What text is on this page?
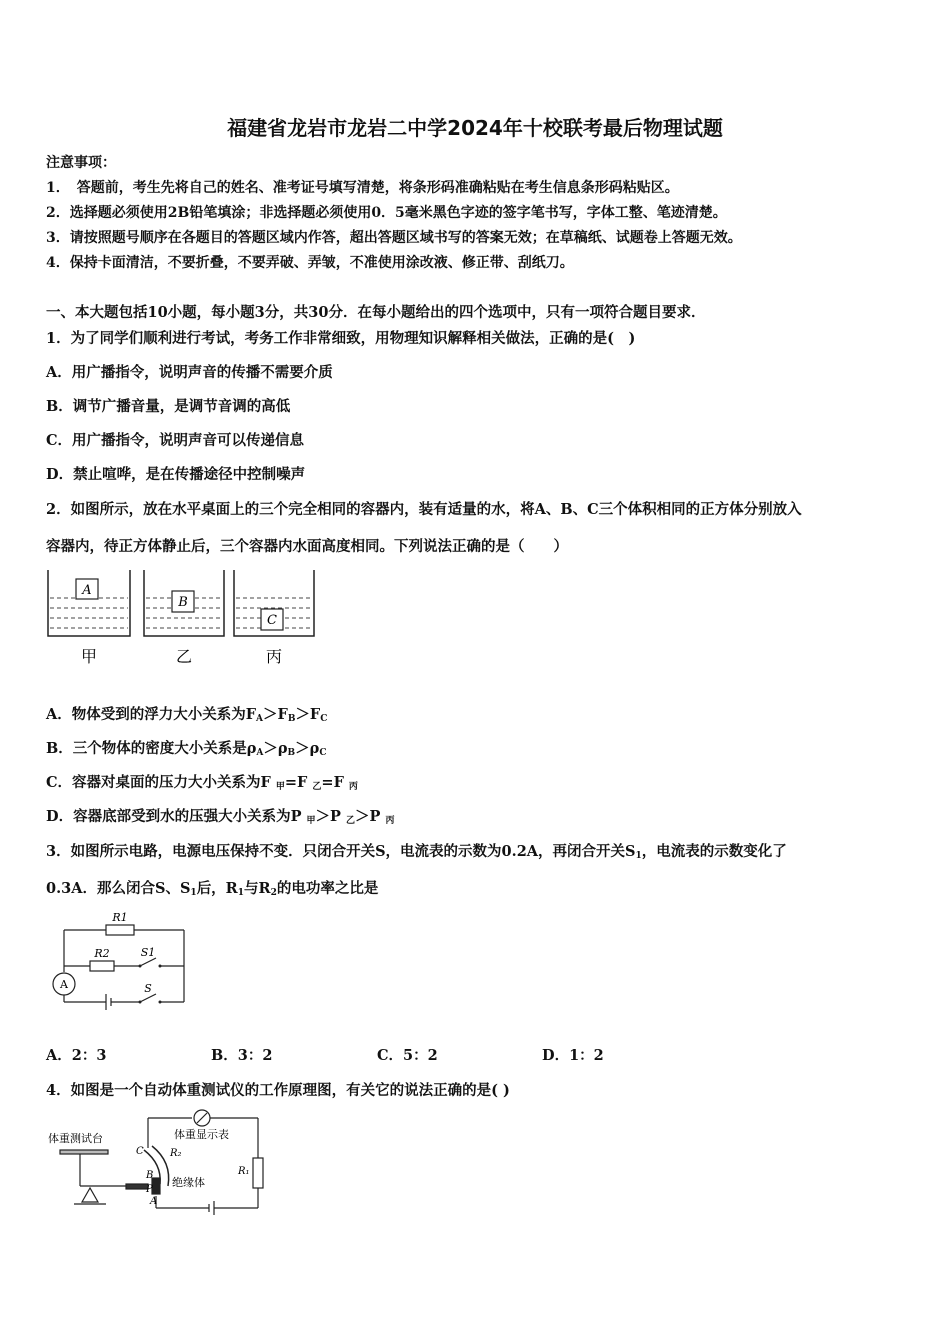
福建省龙岩市龙岩二中学2024年十校联考最后物理试题
注意事项：
1．　答题前，考生先将自己的姓名、准考证号填写清楚，将条形码准确粘贴在考生信息条形码粘贴区。
2．选择题必须使用2B铅笔填涂；非选择题必须使用0．5毫米黑色字迹的签字笔书写，字体工整、笔迹清楚。
3．请按照题号顺序在各题目的答题区域内作答，超出答题区域书写的答案无效；在草稿纸、试题卷上答题无效。
4．保持卡面清洁，不要折叠，不要弄破、弄皱，不准使用涂改液、修正带、刮纸刀。
一、本大题包括10小题，每小题3分，共30分．在每小题给出的四个选项中，只有一项符合题目要求．
1．为了同学们顺利进行考试，考务工作非常细致，用物理知识解释相关做法，正确的是(　)
A．用广播指令，说明声音的传播不需要介质
B．调节广播音量，是调节音调的高低
C．用广播指令，说明声音可以传递信息
D．禁止喧哗，是在传播途径中控制噪声
2．如图所示，放在水平桌面上的三个完全相同的容器内，装有适量的水，将A、B、C三个体积相同的正方体分别放入
容器内，待正方体静止后，三个容器内水面高度相同。下列说法正确的是（　　）
A
B
C
甲	乙	丙
A．物体受到的浮力大小关系为$F_A>F_B>F_C$
B．三个物体的密度大小关系是$\rho_A>\rho_B>\rho_C$
C．容器对桌面的压力大小关系为F $_甲$=F $_乙$=F $_丙$
D．容器底部受到水的压强大小关系为P $_甲$＞P $_乙$＞P $_丙$
3．如图所示电路，电源电压保持不变．只闭合开关S，电流表的示数为0.2A，再闭合开关$S_1$，电流表的示数变化了
0.3A．那么闭合S、$S_1$后，$R_1$与$R_2$的电功率之比是
R1
R2	S1
S
A
A．2：3	B．3：2	C．5：2	D．1：2
4．如图是一个自动体重测试仪的工作原理图，有关它的说法正确的是( )
体重测试台	体重显示表
R₂
R₁
绝缘体
C
B
P
A
